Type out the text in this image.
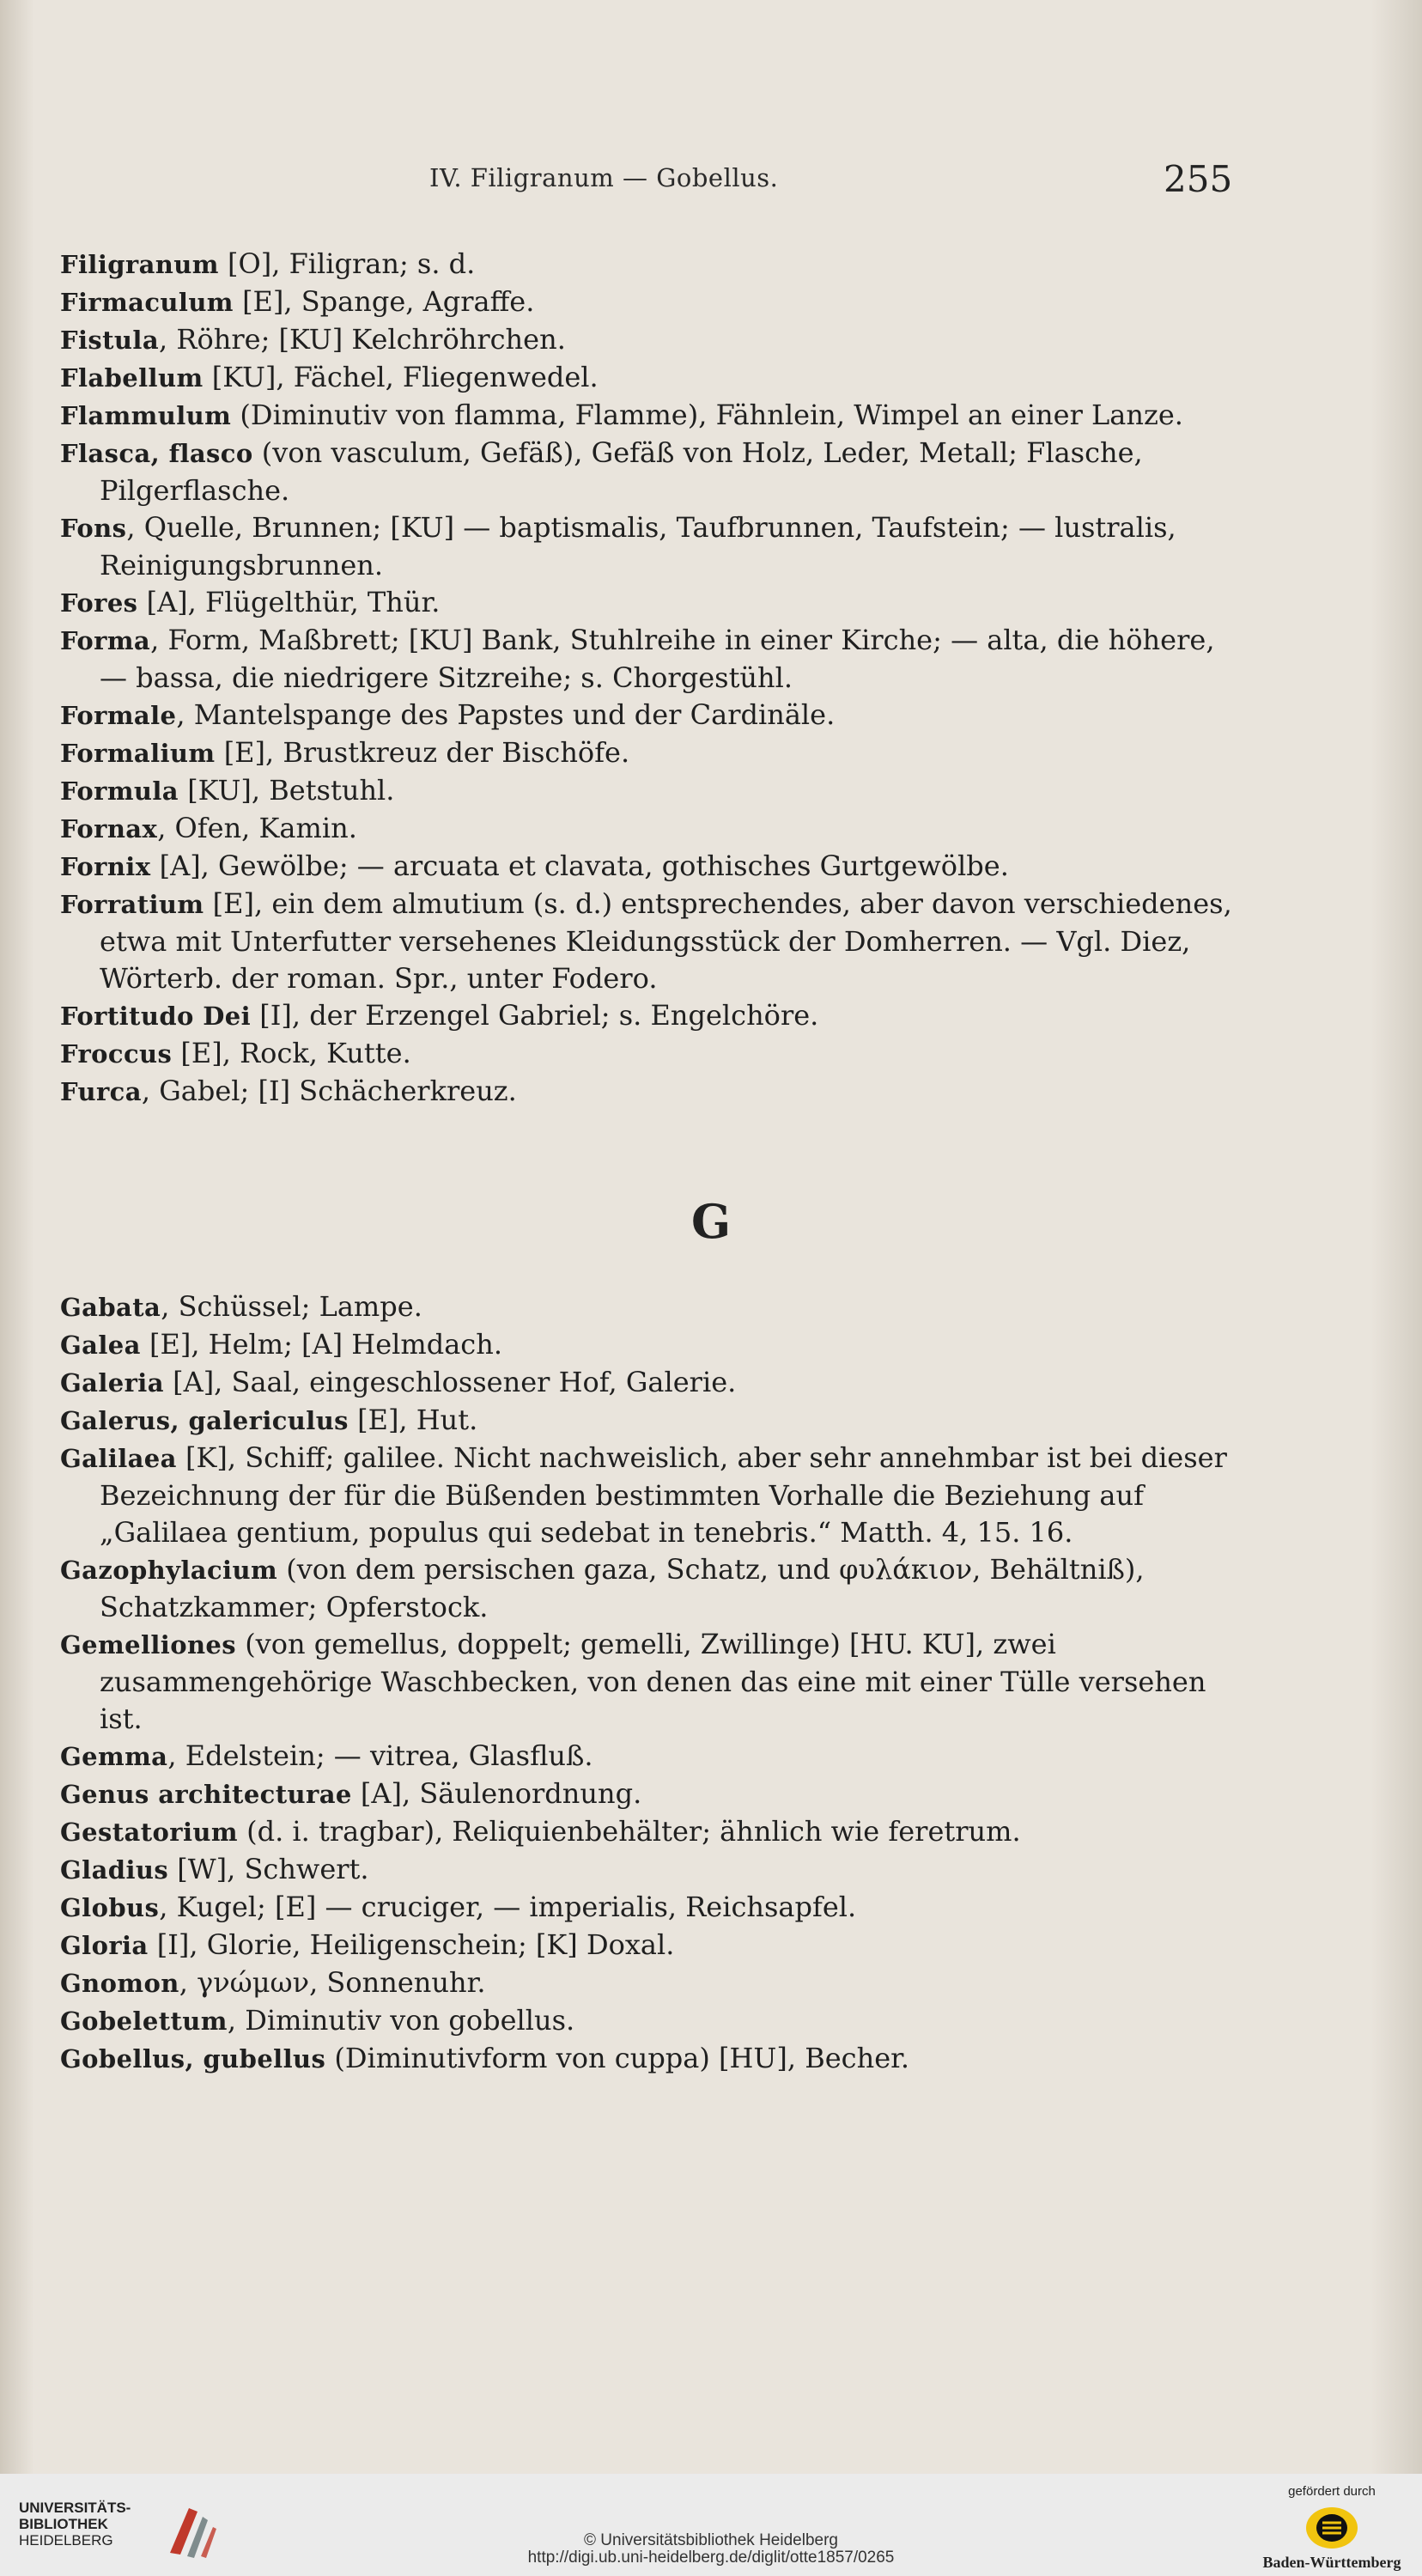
IV. Filigranum — Gobellus.	255

Filigranum [O], Filigran; s. d.

Firmaculum [E], Spange, Agraffe.

Fistula, Röhre; [KU] Kelchröhrchen.

Flabellum [KU], Fächel, Fliegenwedel.

Flammulum (Diminutiv von flamma, Flamme), Fähnlein, Wimpel an einer Lanze.

Flasca, flasco (von vasculum, Gefäß), Gefäß von Holz, Leder, Metall; Flasche, Pilgerflasche.

Fons, Quelle, Brunnen; [KU] — baptismalis, Taufbrunnen, Taufstein; — lustralis, Reinigungsbrunnen.

Fores [A], Flügelthür, Thür.

Forma, Form, Maßbrett; [KU] Bank, Stuhlreihe in einer Kirche; — alta, die höhere, — bassa, die niedrigere Sitzreihe; s. Chorgestühl.

Formale, Mantelspange des Papstes und der Cardinäle.

Formalium [E], Brustkreuz der Bischöfe.

Formula [KU], Betstuhl.

Fornax, Ofen, Kamin.

Fornix [A], Gewölbe; — arcuata et clavata, gothisches Gurtgewölbe.

Forratium [E], ein dem almutium (s. d.) entsprechendes, aber davon verschiedenes, etwa mit Unterfutter versehenes Kleidungsstück der Domherren. — Vgl. Diez, Wörterb. der roman. Spr., unter Fodero.

Fortitudo Dei [I], der Erzengel Gabriel; s. Engelchöre.

Froccus [E], Rock, Kutte.

Furca, Gabel; [I] Schächerkreuz.

G

Gabata, Schüssel; Lampe.

Galea [E], Helm; [A] Helmdach.

Galeria [A], Saal, eingeschlossener Hof, Galerie.

Galerus, galericulus [E], Hut.

Galilaea [K], Schiff; galilee. Nicht nachweislich, aber sehr annehmbar ist bei dieser Bezeichnung der für die Büßenden bestimmten Vorhalle die Beziehung auf „Galilaea gentium, populus qui sedebat in tenebris.“ Matth. 4, 15. 16.

Gazophylacium (von dem persischen gaza, Schatz, und φυλάκιον, Behältniß), Schatzkammer; Opferstock.

Gemelliones (von gemellus, doppelt; gemelli, Zwillinge) [HU. KU], zwei zusammengehörige Waschbecken, von denen das eine mit einer Tülle versehen ist.

Gemma, Edelstein; — vitrea, Glasfluß.

Genus architecturae [A], Säulenordnung.

Gestatorium (d. i. tragbar), Reliquienbehälter; ähnlich wie feretrum.

Gladius [W], Schwert.

Globus, Kugel; [E] — cruciger, — imperialis, Reichsapfel.

Gloria [I], Glorie, Heiligenschein; [K] Doxal.

Gnomon, γνώμων, Sonnenuhr.

Gobelettum, Diminutiv von gobellus.

Gobellus, gubellus (Diminutivform von cuppa) [HU], Becher.

UNIVERSITÄTS-
BIBLIOTHEK
HEIDELBERG	© Universitätsbibliothek Heidelberg
http://digi.ub.uni-heidelberg.de/diglit/otte1857/0265
gefördert durch
Baden-Württemberg
